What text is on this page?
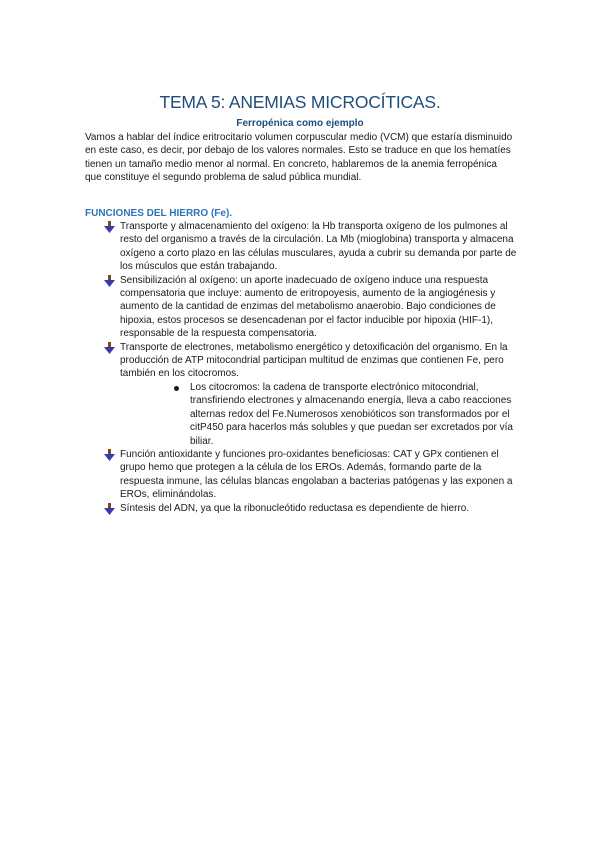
TEMA 5: ANEMIAS MICROCÍTICAS.
Ferropénica como ejemplo
Vamos a hablar del índice eritrocitario volumen corpuscular medio (VCM) que estaría disminuido en este caso, es decir, por debajo de los valores normales. Esto se traduce en que los hematíes tienen un tamaño medio menor al normal. En concreto, hablaremos de la anemia ferropénica que constituye el segundo problema de salud pública mundial.
FUNCIONES DEL HIERRO (Fe).
Transporte y almacenamiento del oxígeno: la Hb transporta oxígeno de los pulmones al resto del organismo a través de la circulación. La Mb (mioglobina) transporta y almacena oxígeno a corto plazo en las células musculares, ayuda a cubrir su demanda por parte de los músculos que están trabajando.
Sensibilización al oxígeno: un aporte inadecuado de oxígeno induce una respuesta compensatoria que incluye: aumento de eritropoyesis, aumento de la angiogénesis y aumento de la cantidad de enzimas del metabolismo anaerobio. Bajo condiciones de hipoxia, estos procesos se desencadenan por el factor inducible por hipoxia (HIF-1), responsable de la respuesta compensatoria.
Transporte de electrones, metabolismo energético y detoxificación del organismo. En la producción de ATP mitocondrial participan multitud de enzimas que contienen Fe, pero también en los citocromos.
Los citocromos: la cadena de transporte electrónico mitocondrial, transfiriendo electrones y almacenando energía, lleva a cabo reacciones alternas redox del Fe.Numerosos xenobióticos son transformados por el citP450 para hacerlos más solubles y que puedan ser excretados por vía biliar.
Función antioxidante y funciones pro-oxidantes beneficiosas: CAT y GPx contienen el grupo hemo que protegen a la célula de los EROs. Además, formando parte de la respuesta inmune, las células blancas engolaban a bacterias patógenas y las exponen a EROs, eliminándolas.
Síntesis del ADN, ya que la ribonucleótido reductasa es dependiente de hierro.
